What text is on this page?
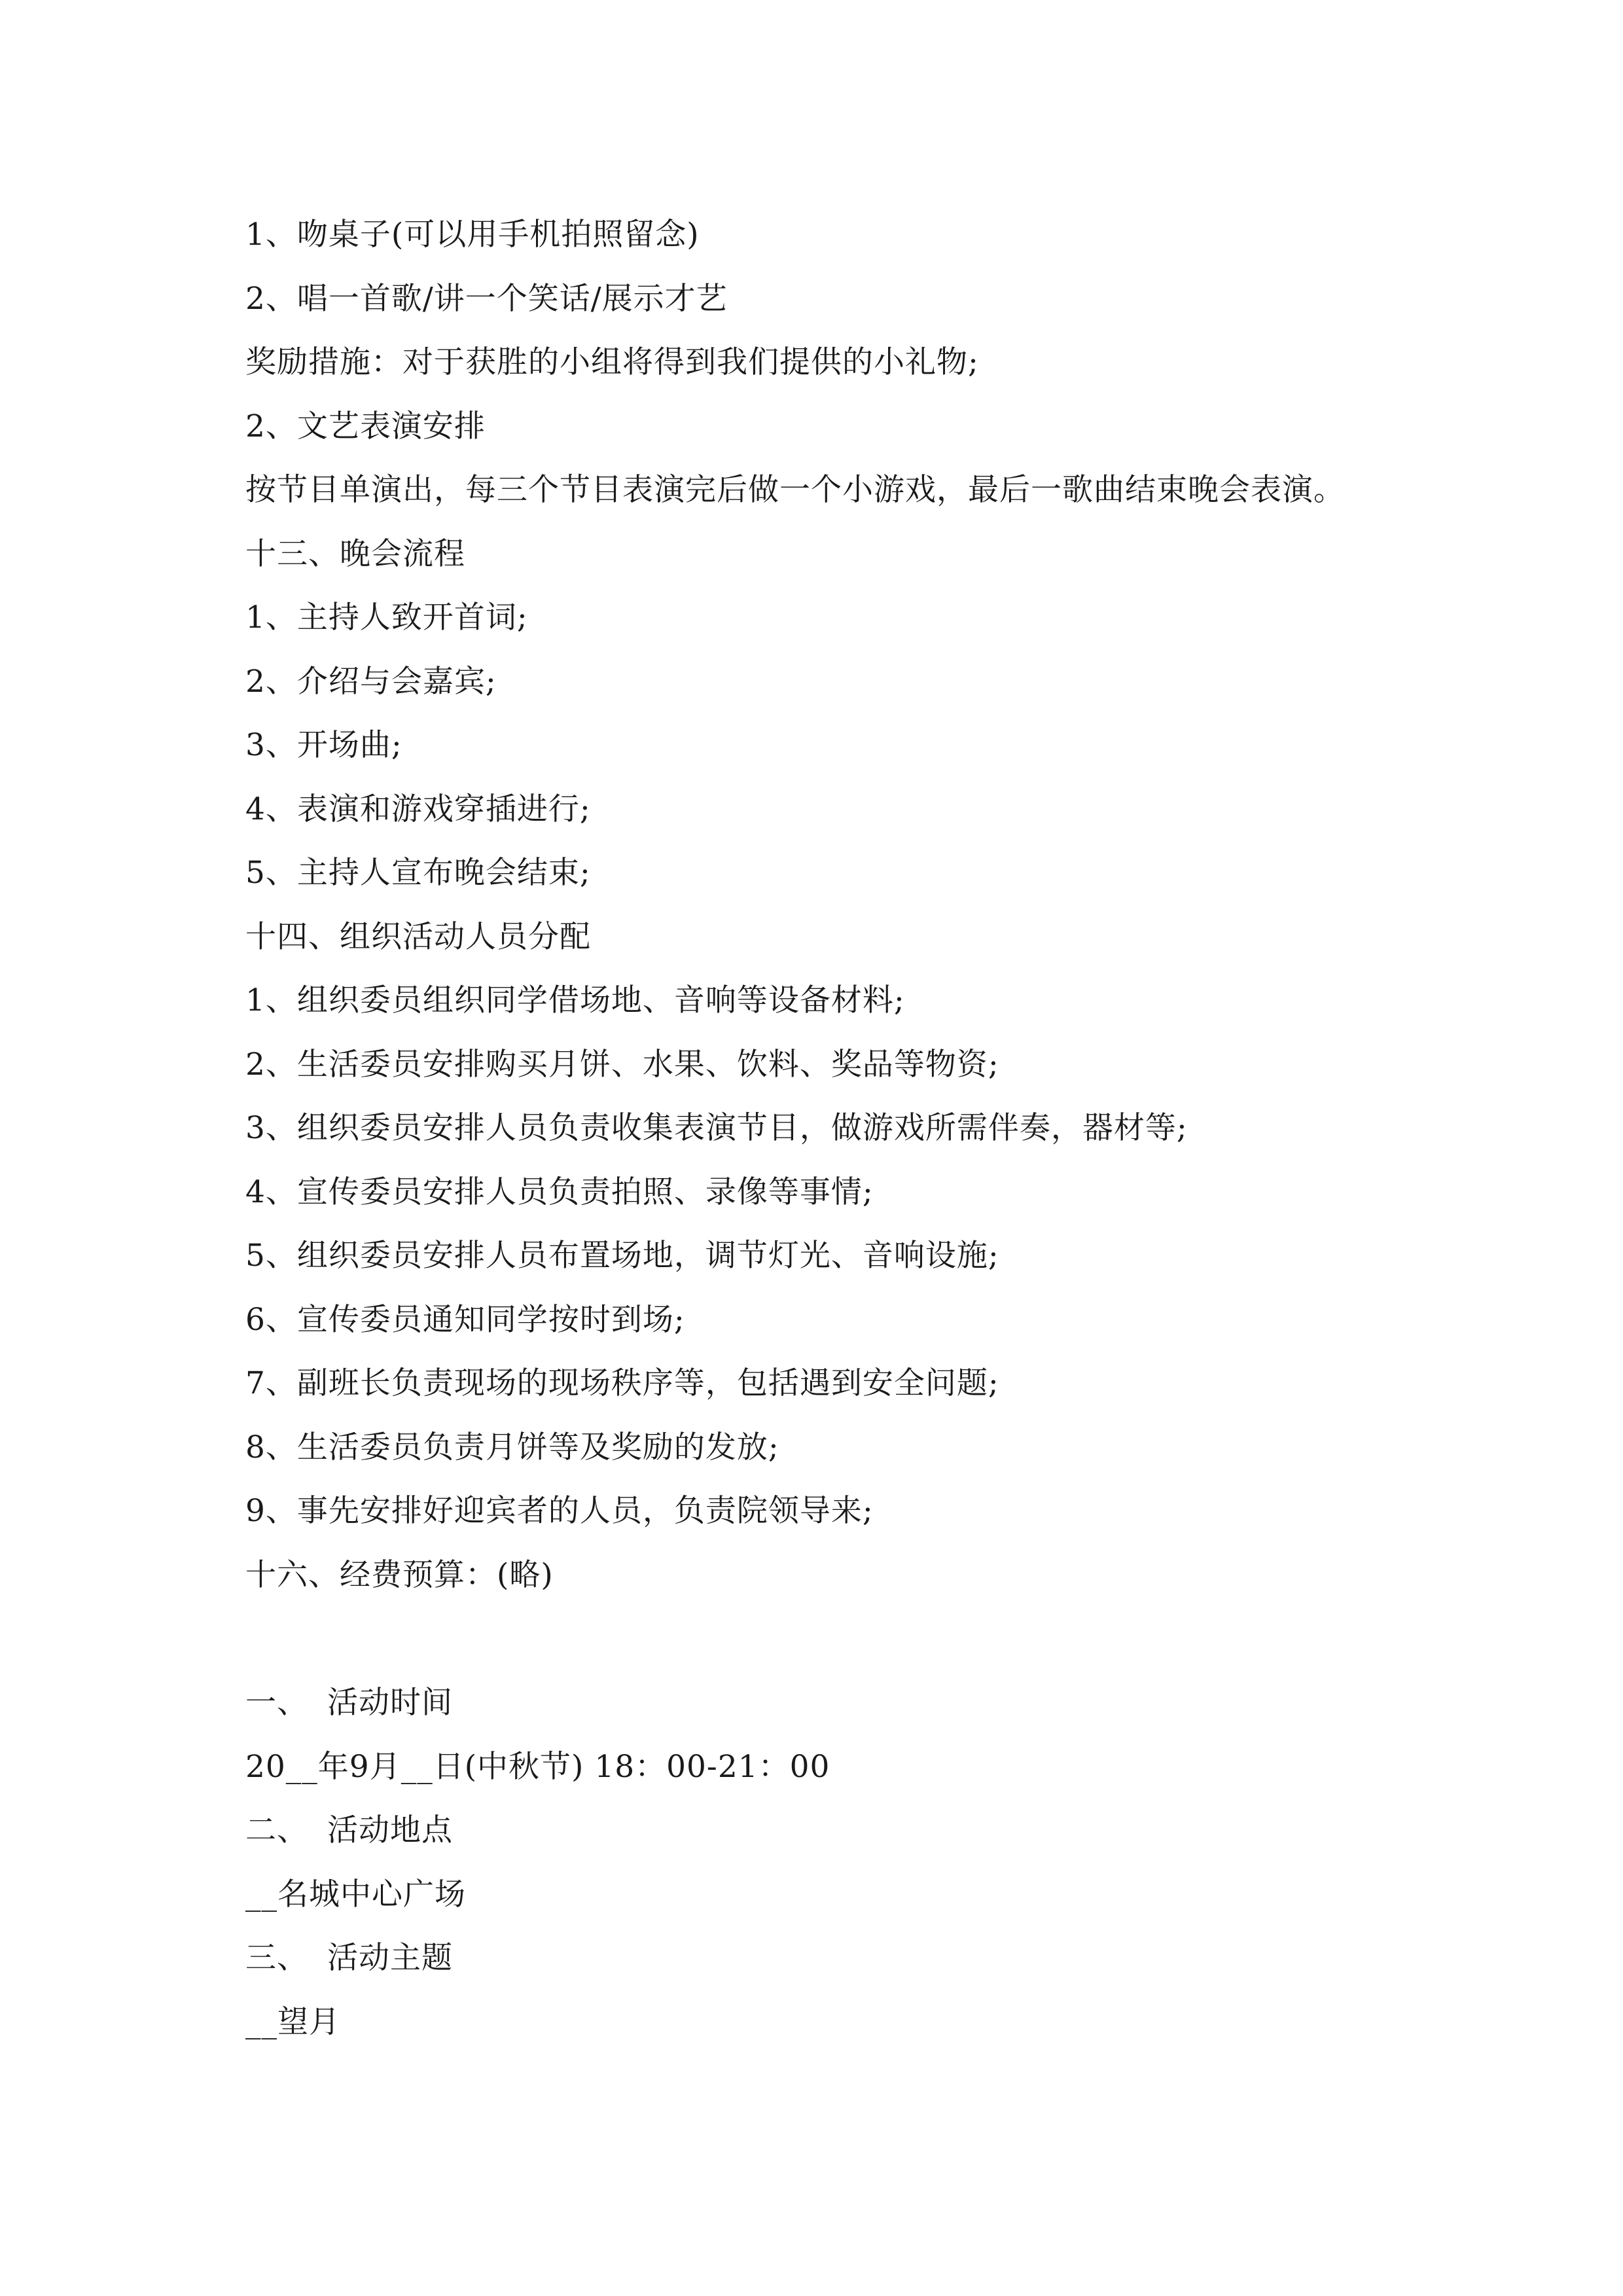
1、吻桌子(可以用手机拍照留念)
2、唱一首歌/讲一个笑话/展示才艺
奖励措施：对于获胜的小组将得到我们提供的小礼物;
2、文艺表演安排
按节目单演出，每三个节目表演完后做一个小游戏，最后一歌曲结束晚会表演。
十三、晚会流程
1、主持人致开首词;
2、介绍与会嘉宾;
3、开场曲;
4、表演和游戏穿插进行;
5、主持人宣布晚会结束;
十四、组织活动人员分配
1、组织委员组织同学借场地、音响等设备材料;
2、生活委员安排购买月饼、水果、饮料、奖品等物资;
3、组织委员安排人员负责收集表演节目，做游戏所需伴奏，器材等;
4、宣传委员安排人员负责拍照、录像等事情;
5、组织委员安排人员布置场地，调节灯光、音响设施;
6、宣传委员通知同学按时到场;
7、副班长负责现场的现场秩序等，包括遇到安全问题;
8、生活委员负责月饼等及奖励的发放;
9、事先安排好迎宾者的人员，负责院领导来;
十六、经费预算：(略)
一、 活动时间
20__年9月__日(中秋节) 18：00-21：00
二、 活动地点
__名城中心广场
三、 活动主题
__望月
